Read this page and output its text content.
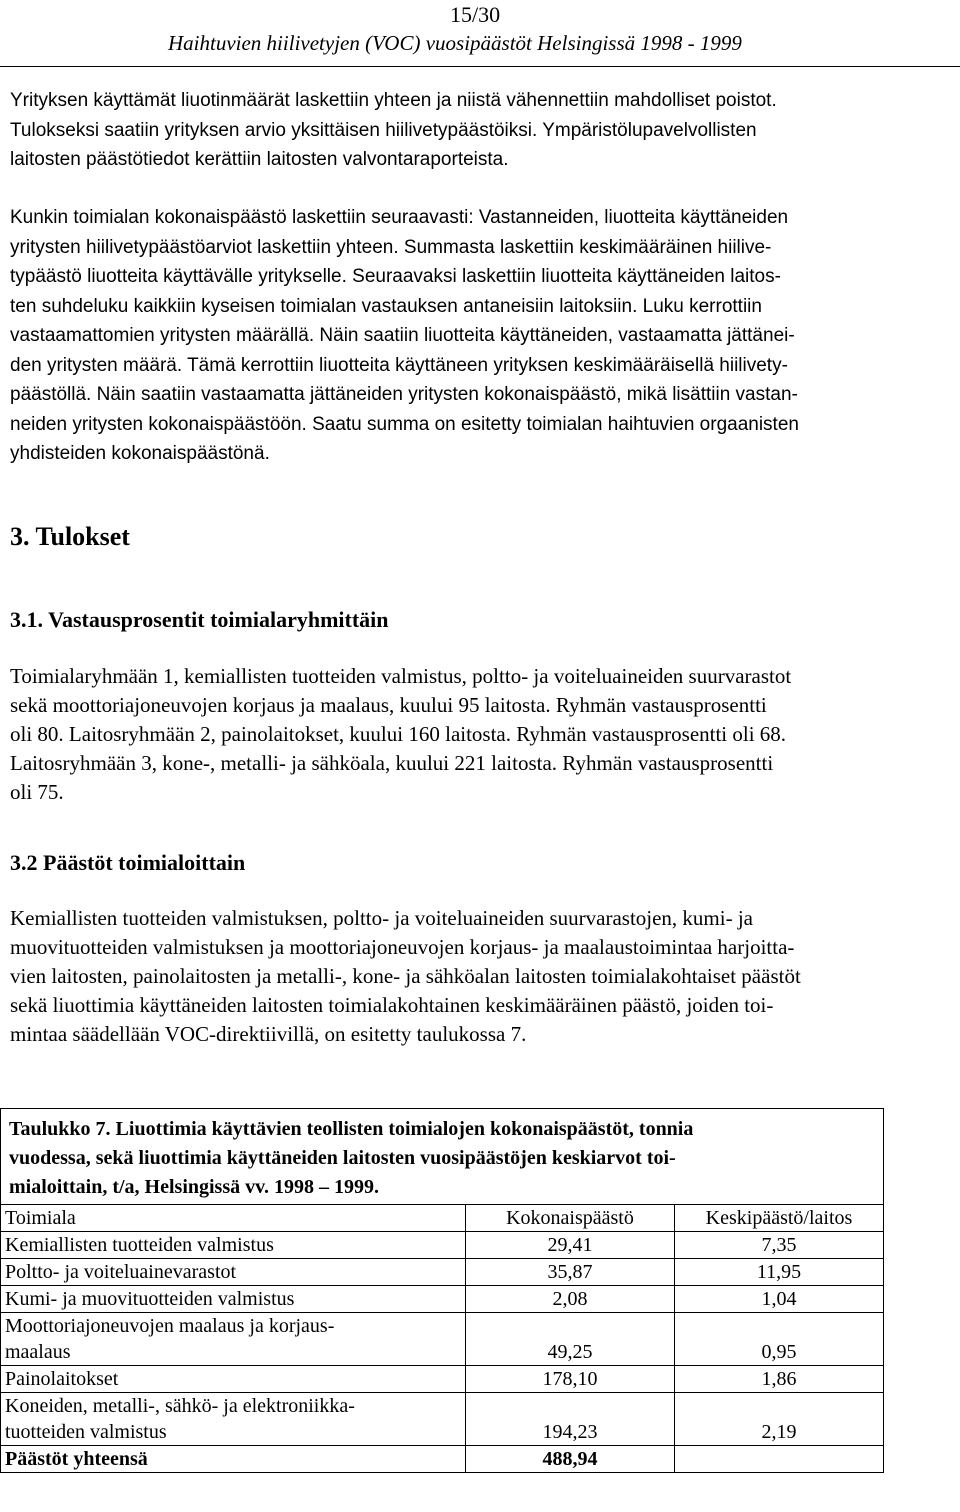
15/30
Haihtuvien hiilivetyjen (VOC) vuosipäästöt Helsingissä 1998 - 1999
Yrityksen käyttämät liuotinmäärät laskettiin yhteen ja niistä vähennettiin mahdolliset poistot.
Tulokseksi saatiin yrityksen arvio yksittäisen hiilivetypäästöiksi. Ympäristölupavelvollisten
laitosten päästötiedot kerättiin laitosten valvontaraporteista.
Kunkin toimialan kokonaispäästö laskettiin seuraavasti: Vastanneiden, liuotteita käyttäneiden
yritysten hiilivetypäästöarviot laskettiin yhteen. Summasta laskettiin keskimääräinen hiilive-
typäästö liuotteita käyttävälle yritykselle. Seuraavaksi laskettiin liuotteita käyttäneiden laitos-
ten suhdeluku kaikkiin kyseisen toimialan vastauksen antaneisiin laitoksiin. Luku kerrottiin
vastaamattomien yritysten määrällä. Näin saatiin liuotteita käyttäneiden, vastaamatta jättänei-
den yritysten määrä. Tämä kerrottiin liuotteita käyttäneen yrityksen keskimääräisellä hiilivety-
päästöllä. Näin saatiin vastaamatta jättäneiden yritysten kokonaispäästö, mikä lisättiin vastan-
neiden yritysten kokonaispäästöön. Saatu summa on esitetty toimialan haihtuvien orgaanisten
yhdisteiden kokonaispäästönä.
3. Tulokset
3.1. Vastausprosentit toimialaryhmittäin
Toimialaryhmään 1, kemiallisten tuotteiden valmistus, poltto- ja voiteluaineiden suurvarastot
sekä moottoriajoneuvojen korjaus ja maalaus, kuului 95 laitosta. Ryhmän vastausprosentti
oli 80. Laitosryhmään 2, painolaitokset, kuului 160 laitosta. Ryhmän vastausprosentti oli 68.
Laitosryhmään 3, kone-, metalli- ja sähköala, kuului 221 laitosta. Ryhmän vastausprosentti
oli 75.
3.2 Päästöt toimialoittain
Kemiallisten tuotteiden valmistuksen, poltto- ja voiteluaineiden suurvarastojen, kumi- ja
muovituotteiden valmistuksen ja moottoriajoneuvojen korjaus- ja maalaustoimintaa harjoitta-
vien laitosten, painolaitosten ja metalli-, kone- ja sähköalan laitosten toimialakohtaiset päästöt
sekä liuottimia käyttäneiden laitosten toimialakohtainen keskimääräinen päästö, joiden toi-
mintaa säädellään VOC-direktiivillä, on esitetty taulukossa 7.
Taulukko 7. Liuottimia käyttävien teollisten toimialojen kokonaispäästöt, tonnia
vuodessa, sekä liuottimia käyttäneiden laitosten vuosipäästöjen keskiarvot toi-
mialoittain, t/a, Helsingissä vv. 1998 – 1999.		

Toimiala	Kokonaispäästö	Keskipäästö/laitos

Kemiallisten tuotteiden valmistus	29,41	7,35

Poltto- ja voiteluainevarastot	35,87	11,95

Kumi- ja muovituotteiden valmistus	2,08	1,04

Moottoriajoneuvojen maalaus ja korjaus-
maalaus	49,25	0,95

Painolaitokset	178,10	1,86

Koneiden, metalli-, sähkö- ja elektroniikka-
tuotteiden valmistus	194,23	2,19
Päästöt yhteensä	488,94	
